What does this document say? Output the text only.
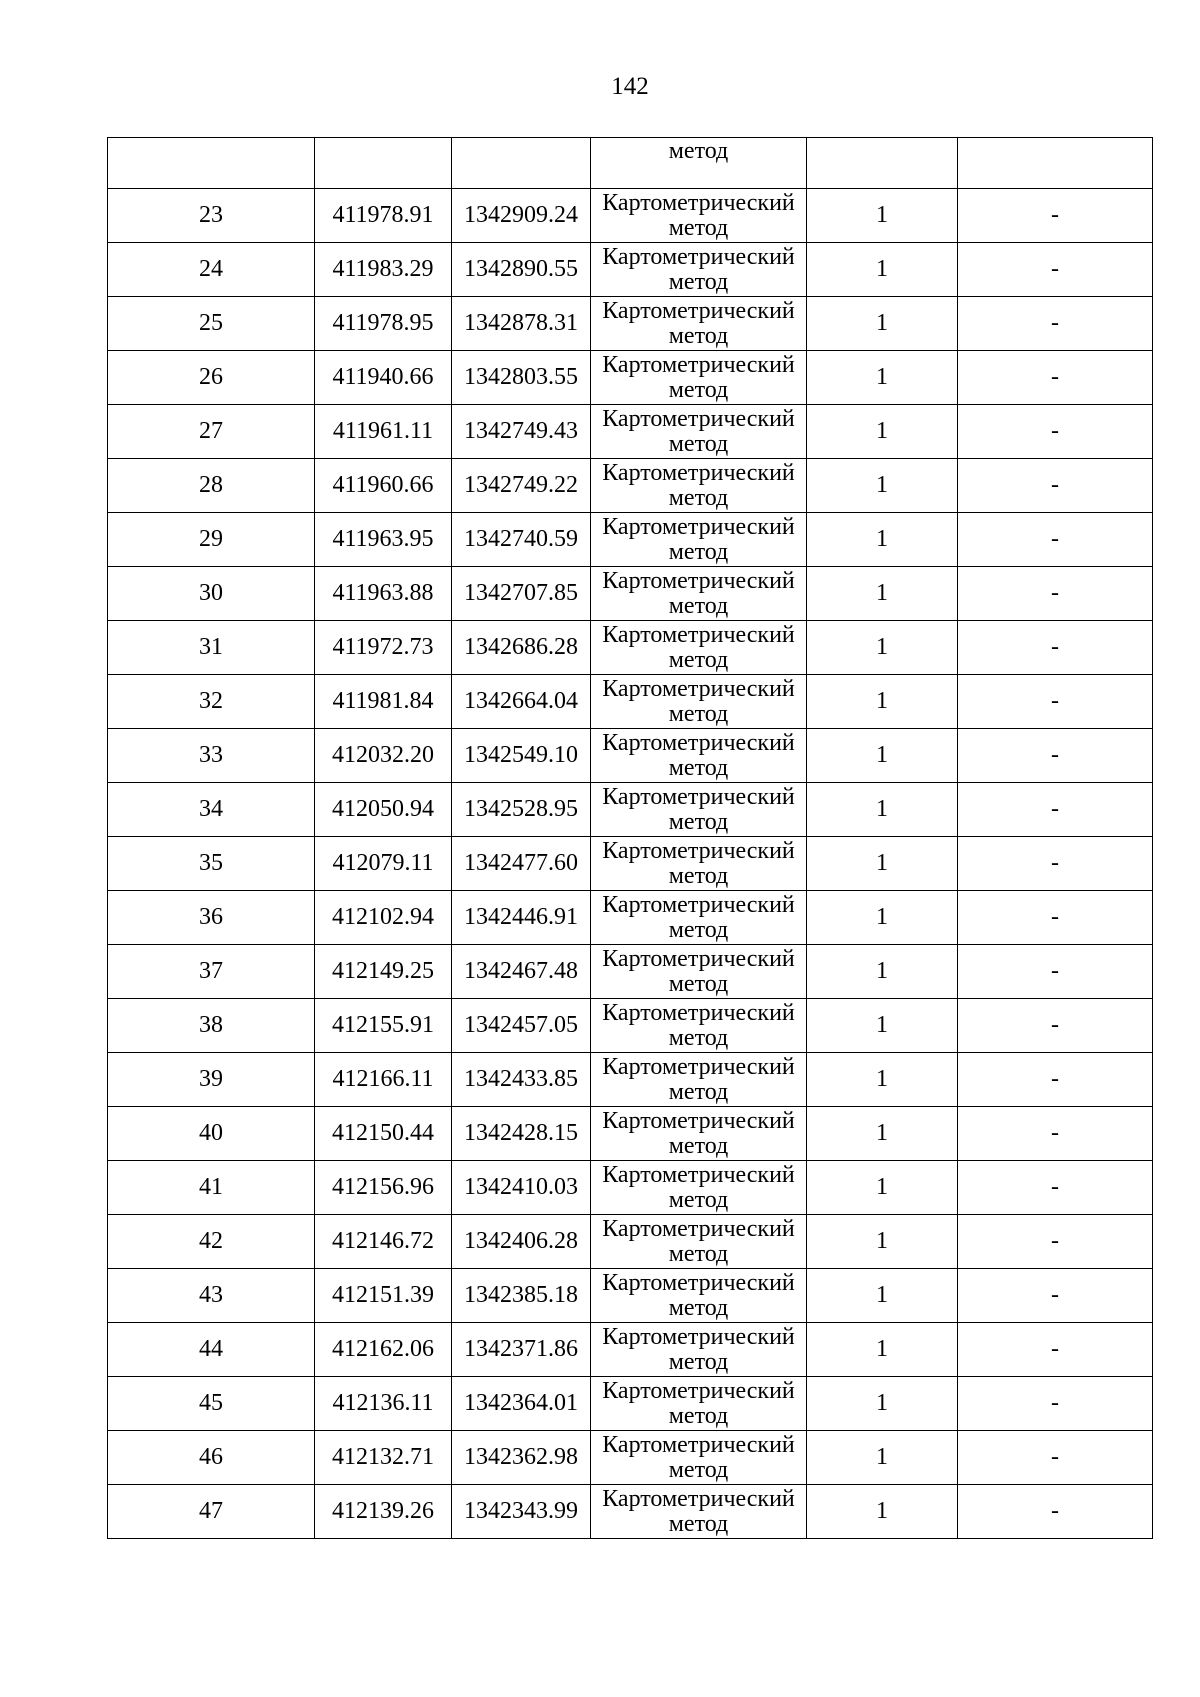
142
			метод		
23	411978.91	1342909.24	Картометрический метод	1	-
24	411983.29	1342890.55	Картометрический метод	1	-
25	411978.95	1342878.31	Картометрический метод	1	-
26	411940.66	1342803.55	Картометрический метод	1	-
27	411961.11	1342749.43	Картометрический метод	1	-
28	411960.66	1342749.22	Картометрический метод	1	-
29	411963.95	1342740.59	Картометрический метод	1	-
30	411963.88	1342707.85	Картометрический метод	1	-
31	411972.73	1342686.28	Картометрический метод	1	-
32	411981.84	1342664.04	Картометрический метод	1	-
33	412032.20	1342549.10	Картометрический метод	1	-
34	412050.94	1342528.95	Картометрический метод	1	-
35	412079.11	1342477.60	Картометрический метод	1	-
36	412102.94	1342446.91	Картометрический метод	1	-
37	412149.25	1342467.48	Картометрический метод	1	-
38	412155.91	1342457.05	Картометрический метод	1	-
39	412166.11	1342433.85	Картометрический метод	1	-
40	412150.44	1342428.15	Картометрический метод	1	-
41	412156.96	1342410.03	Картометрический метод	1	-
42	412146.72	1342406.28	Картометрический метод	1	-
43	412151.39	1342385.18	Картометрический метод	1	-
44	412162.06	1342371.86	Картометрический метод	1	-
45	412136.11	1342364.01	Картометрический метод	1	-
46	412132.71	1342362.98	Картометрический метод	1	-
47	412139.26	1342343.99	Картометрический метод	1	-
